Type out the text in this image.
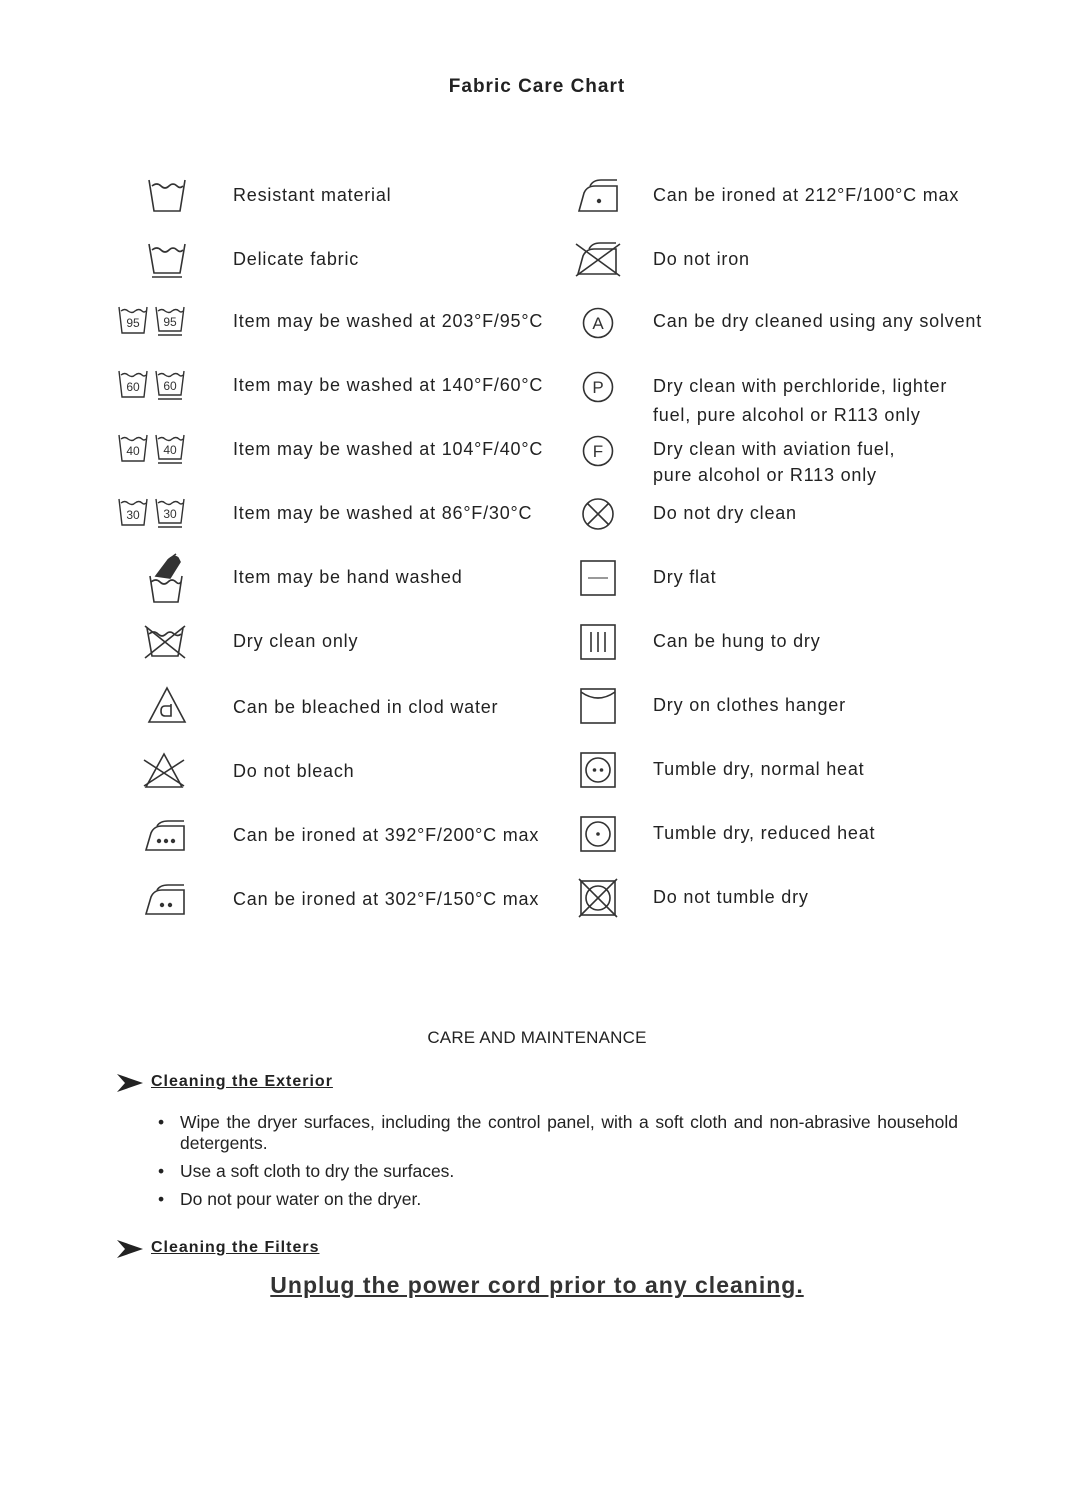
Fabric Care Chart
Resistant material
Delicate fabric
95 95	Item may be washed at 203°F/95°C
60 60	Item may be washed at 140°F/60°C
40 40	Item may be washed at 104°F/40°C
30 30	Item may be washed at 86°F/30°C
Item may be hand washed
Dry clean only
Can be bleached in clod water
Do not bleach
Can be ironed at 392°F/200°C max
Can be ironed at 302°F/150°C max
Can be ironed at 212°F/100°C max
Do not iron
A	Can be dry cleaned using any solvent
P	Dry clean with perchloride, lighter fuel, pure alcohol or R113 only
F	Dry clean with aviation fuel, pure alcohol or R113 only
Do not dry clean
Dry flat
Can be hung to dry
Dry on clothes hanger
Tumble dry, normal heat
Tumble dry, reduced heat
Do not tumble dry
CARE AND MAINTENANCE
Cleaning the Exterior
• Wipe the dryer surfaces, including the control panel, with a soft cloth and non-abrasive household detergents.
• Use a soft cloth to dry the surfaces.
• Do not pour water on the dryer.
Cleaning the Filters
Unplug the power cord prior to any cleaning.
